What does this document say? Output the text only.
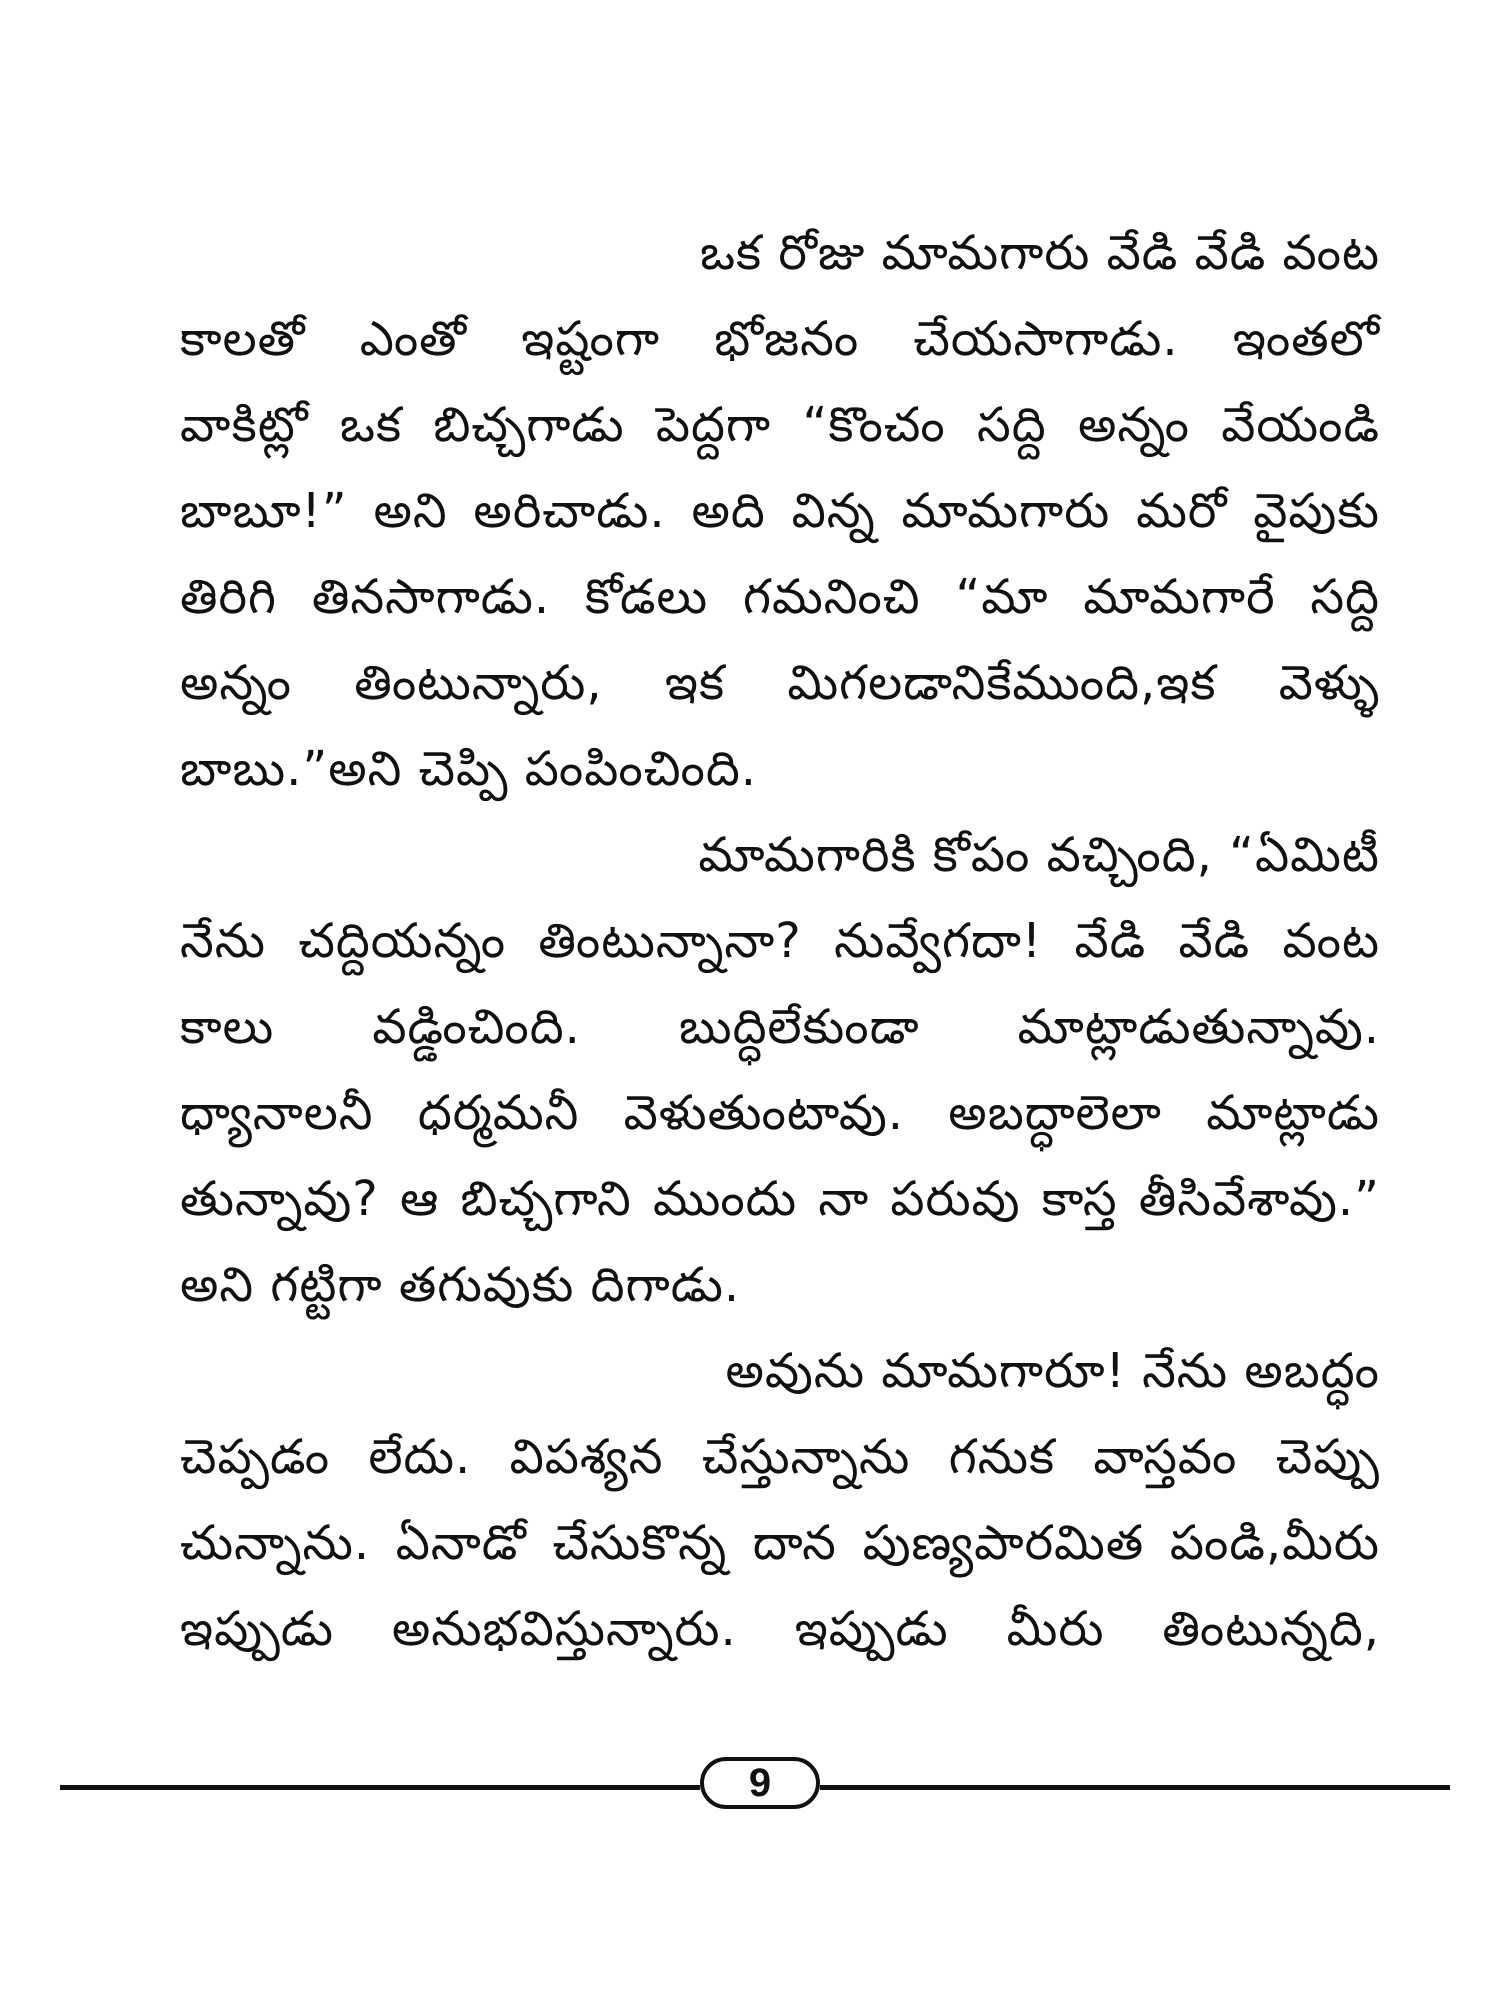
ఒక రోజు మామగారు వేడి వేడి వంట
కాలతో ఎంతో ఇష్టంగా భోజనం చేయసాగాడు. ఇంతలో
వాకిట్లో ఒక బిచ్చగాడు పెద్దగా “కొంచం సద్ది అన్నం వేయండి
బాబూ!” అని అరిచాడు. అది విన్న మామగారు మరో వైపుకు
తిరిగి తినసాగాడు. కోడలు గమనించి “మా మామగారే సద్ది
అన్నం తింటున్నారు, ఇక మిగలడానికేముంది,ఇక వెళ్ళు
బాబు.”అని చెప్పి పంపించింది.
మామగారికి కోపం వచ్చింది, “ఏమిటీ
నేను చద్దియన్నం తింటున్నానా? నువ్వేగదా! వేడి వేడి వంట
కాలు వడ్డించింది. బుద్ధిలేకుండా మాట్లాడుతున్నావు.
ధ్యానాలనీ ధర్మమనీ వెళుతుంటావు. అబద్ధాలెలా మాట్లాడు
తున్నావు? ఆ బిచ్చగాని ముందు నా పరువు కాస్త తీసివేశావు.”
అని గట్టిగా తగువుకు దిగాడు.
అవును మామగారూ! నేను అబద్ధం
చెప్పడం లేదు. విపశ్యన చేస్తున్నాను గనుక వాస్తవం చెప్పు
చున్నాను. ఏనాడో చేసుకొన్న దాన పుణ్యపారమిత పండి,మీరు
ఇప్పుడు అనుభవిస్తున్నారు. ఇప్పుడు మీరు తింటున్నది,
9
